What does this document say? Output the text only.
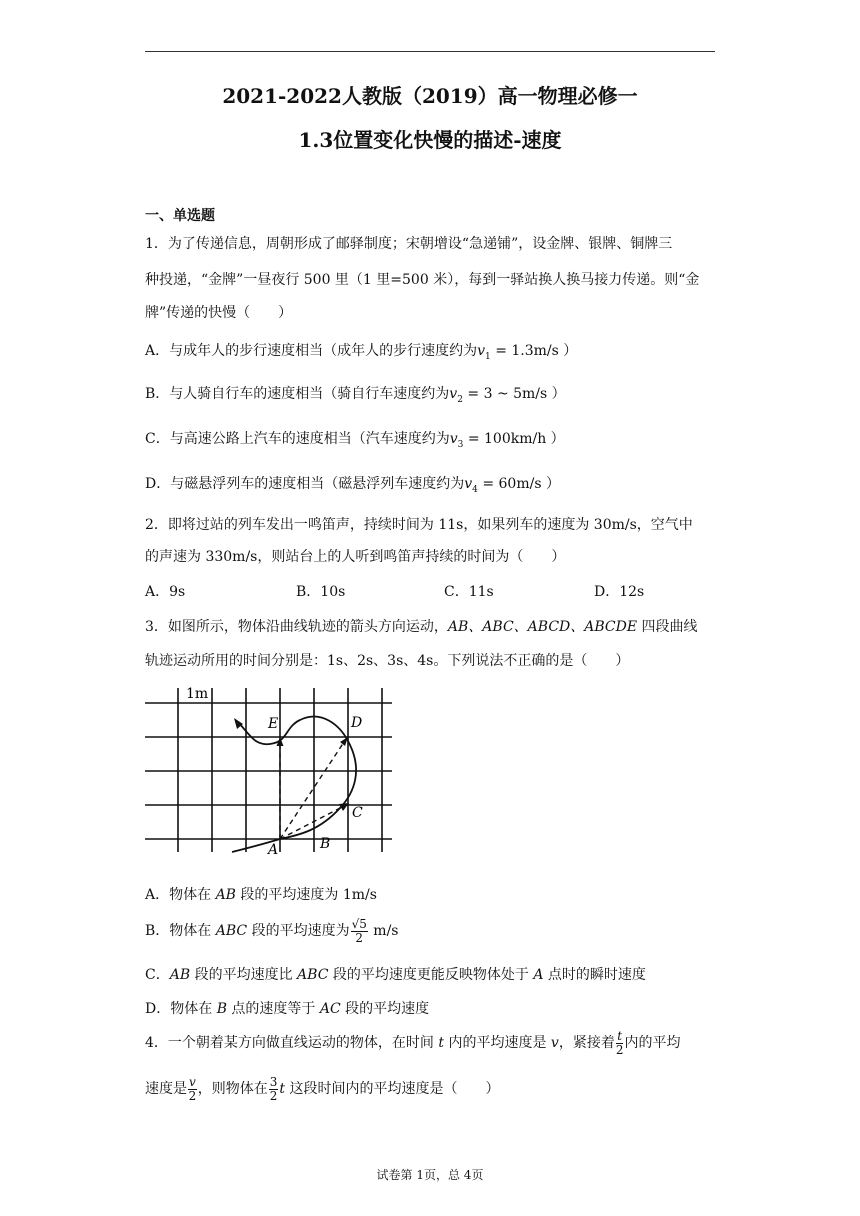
2021-2022人教版（2019）高一物理必修一
1.3位置变化快慢的描述-速度
一、单选题
1．为了传递信息，周朝形成了邮驿制度；宋朝增设“急递铺”，设金牌、银牌、铜牌三
种投递，“金牌”一昼夜行 500 里（1 里=500 米），每到一驿站换人换马接力传递。则“金
牌”传递的快慢（　　）
A．与成年人的步行速度相当（成年人的步行速度约为$v_1 = 1.3m/s$ ）
B．与人骑自行车的速度相当（骑自行车速度约为$v_2 = 3$ ~ 5m/s ）
C．与高速公路上汽车的速度相当（汽车速度约为$v_3 = 100km/h$ ）
D．与磁悬浮列车的速度相当（磁悬浮列车速度约为$v_4 = 60m/s$ ）
2．即将过站的列车发出一鸣笛声，持续时间为 11s，如果列车的速度为 30m/s，空气中
的声速为 330m/s，则站台上的人听到鸣笛声持续的时间为（　　）
A．9s	B．10s	C．11s	D．12s
3．如图所示，物体沿曲线轨迹的箭头方向运动，AB、ABC、ABCD、ABCDE 四段曲线
轨迹运动所用的时间分别是：1s、2s、3s、4s。下列说法不正确的是（　　）
1m
A	B
C
D
E
A．物体在 AB 段的平均速度为 1m/s
B．物体在 ABC 段的平均速度为 $\frac{√5}{2} m/s$
C．AB 段的平均速度比 ABC 段的平均速度更能反映物体处于 A 点时的瞬时速度
D．物体在 B 点的速度等于 AC 段的平均速度
4．一个朝着某方向做直线运动的物体，在时间 t 内的平均速度是 v，紧接着 $\frac{t}{2}$ 内的平均
速度是 $\frac{v}{2}$ ，则物体在 $\frac{3}{2}$ t 这段时间内的平均速度是（　　）
试卷第 1页，总 4页
